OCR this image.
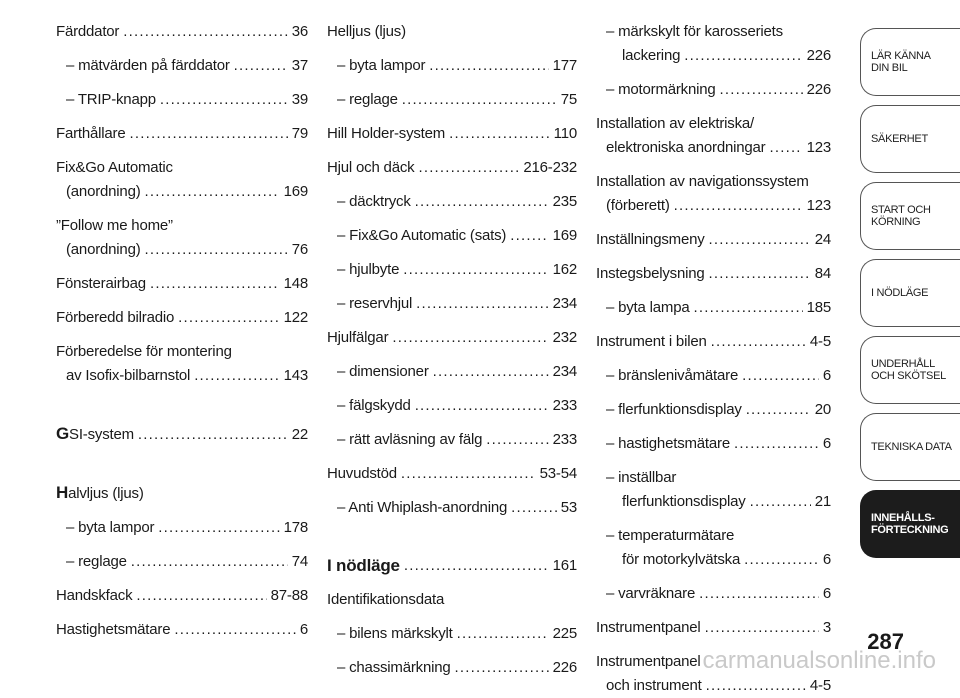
Färddator .....	36
– mätvärden på färddator .....	37
– TRIP-knapp .....	39
Farthållare .....	79
Fix&Go Automatic
(anordning) .....	169
”Follow me home”
(anordning) .....	76
Fönsterairbag .....	148
Förberedd bilradio .....	122
Förberedelse för montering
av Isofix-bilbarnstol .....	143
GSI-system .....	22
Halvljus (ljus)
– byta lampor .....	178
– reglage .....	74
Handskfack .....	87-88
Hastighetsmätare .....	6
Helljus (ljus)
– byta lampor .....	177
– reglage .....	75
Hill Holder-system .....	110
Hjul och däck .....	216-232
– däcktryck .....	235
– Fix&Go Automatic (sats) .....	169
– hjulbyte .....	162
– reservhjul .....	234
Hjulfälgar .....	232
– dimensioner .....	234
– fälgskydd .....	233
– rätt avläsning av fälg .....	233
Huvudstöd .....	53-54
– Anti Whiplash-anordning .....	53
I nödläge .....	161
Identifikationsdata
– bilens märkskylt .....	225
– chassimärkning .....	226
– märkskylt för karosseriets
lackering .....	226
– motormärkning .....	226
Installation av elektriska/
elektroniska anordningar .....	123
Installation av navigationssystem
(förberett) .....	123
Inställningsmeny .....	24
Instegsbelysning .....	84
– byta lampa .....	185
Instrument i bilen .....	4-5
– bränslenivåmätare .....	6
– flerfunktionsdisplay .....	20
– hastighetsmätare .....	6
– inställbar
flerfunktionsdisplay .....	21
– temperaturmätare
för motorkylvätska .....	6
– varvräknare .....	6
Instrumentpanel .....	3
Instrumentpanel
och instrument .....	4-5
LÄR KÄNNA
DIN BIL
SÄKERHET
START OCH
KÖRNING
I NÖDLÄGE
UNDERHÅLL
OCH SKÖTSEL
TEKNISKA DATA
INNEHÅLLS-
FÖRTECKNING
287
carmanualsonline.info
